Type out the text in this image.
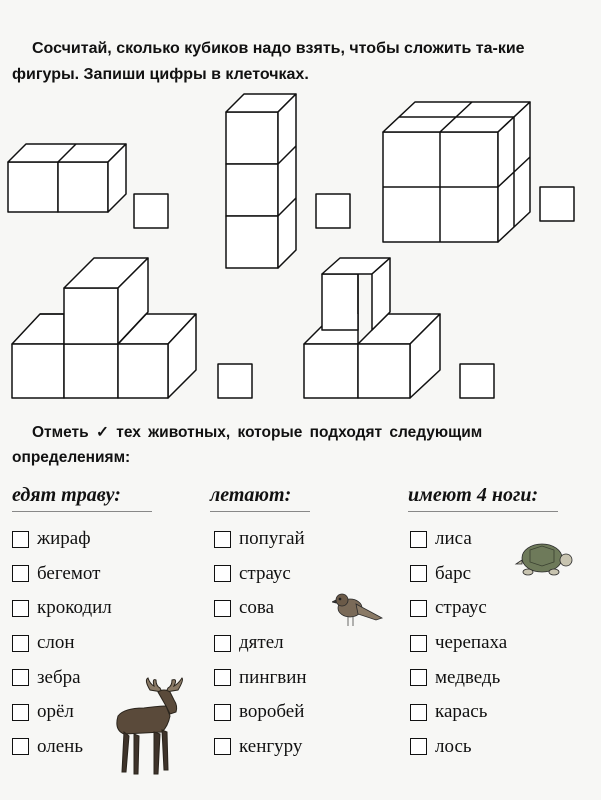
Сосчитай, сколько кубиков надо взять, чтобы сложить та-кие фигуры. Запиши цифры в клеточках.
Отметь ✓ тех животных, которые подходят следующим определениям:
едят траву:	летают:	имеют 4 ноги:
жираф
бегемот
крокодил
слон
зебра
орёл
олень
попугай
страус
сова
дятел
пингвин
воробей
кенгуру
лиса
барс
страус
черепаха
медведь
карась
лось
